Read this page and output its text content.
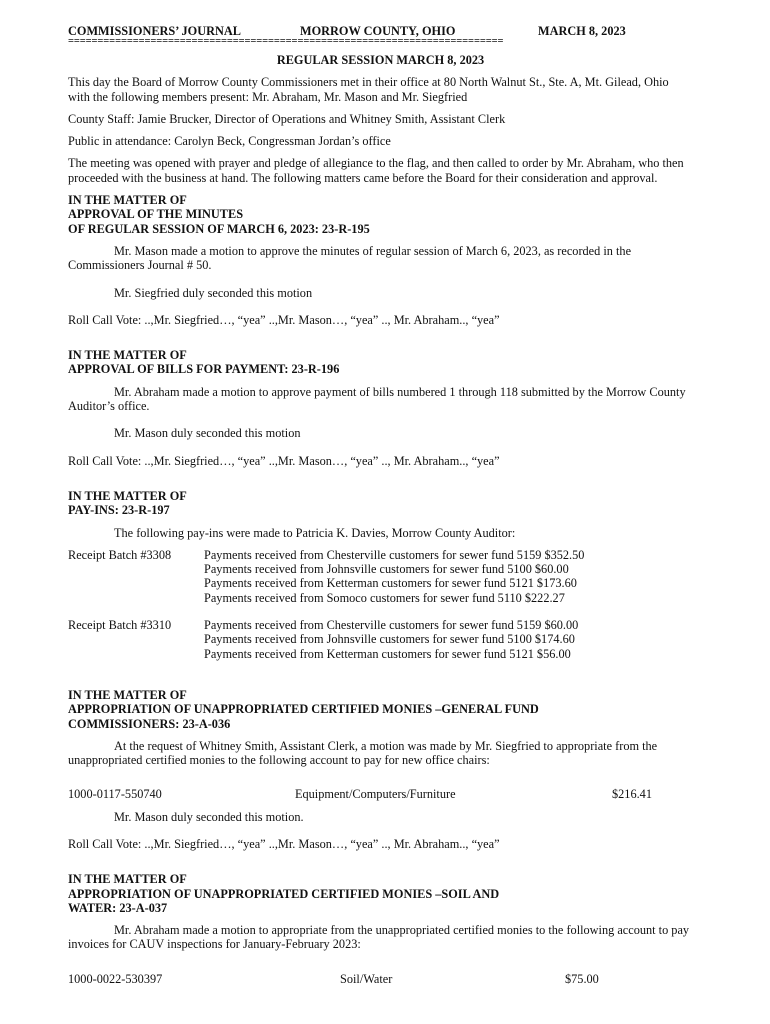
COMMISSIONERS’ JOURNAL	MORROW COUNTY, OHIO	MARCH 8, 2023
==========================================================================
REGULAR SESSION MARCH 8, 2023

This day the Board of Morrow County Commissioners met in their office at 80 North Walnut St., Ste. A, Mt. Gilead, Ohio with the following members present: Mr. Abraham, Mr. Mason and Mr. Siegfried

County Staff: Jamie Brucker, Director of Operations and Whitney Smith, Assistant Clerk

Public in attendance: Carolyn Beck, Congressman Jordan’s office

The meeting was opened with prayer and pledge of allegiance to the flag, and then called to order by Mr. Abraham, who then proceeded with the business at hand. The following matters came before the Board for their consideration and approval.

IN THE MATTER OF
APPROVAL OF THE MINUTES
OF REGULAR SESSION OF MARCH 6, 2023: 23-R-195

Mr. Mason made a motion to approve the minutes of regular session of March 6, 2023, as recorded in the Commissioners Journal # 50.

Mr. Siegfried duly seconded this motion

Roll Call Vote: ..,Mr. Siegfried…, “yea” ..,Mr. Mason…, “yea” .., Mr. Abraham.., “yea”

IN THE MATTER OF
APPROVAL OF BILLS FOR PAYMENT: 23-R-196

Mr. Abraham made a motion to approve payment of bills numbered 1 through 118 submitted by the Morrow County Auditor’s office.

Mr. Mason duly seconded this motion

Roll Call Vote: ..,Mr. Siegfried…, “yea” ..,Mr. Mason…, “yea” .., Mr. Abraham.., “yea”

IN THE MATTER OF
PAY-INS: 23-R-197

The following pay-ins were made to Patricia K. Davies, Morrow County Auditor:

Receipt Batch #3308	Payments received from Chesterville customers for sewer fund 5159 $352.50
Payments received from Johnsville customers for sewer fund 5100 $60.00
Payments received from Ketterman customers for sewer fund 5121 $173.60
Payments received from Somoco customers for sewer fund 5110 $222.27
Receipt Batch #3310	Payments received from Chesterville customers for sewer fund 5159 $60.00
Payments received from Johnsville customers for sewer fund 5100 $174.60
Payments received from Ketterman customers for sewer fund 5121 $56.00
IN THE MATTER OF
APPROPRIATION OF UNAPPROPRIATED CERTIFIED MONIES –GENERAL FUND
COMMISSIONERS: 23-A-036

At the request of Whitney Smith, Assistant Clerk, a motion was made by Mr. Siegfried to appropriate from the unappropriated certified monies to the following account to pay for new office chairs:

1000-0117-550740	Equipment/Computers/Furniture	$216.41

Mr. Mason duly seconded this motion.

Roll Call Vote: ..,Mr. Siegfried…, “yea” ..,Mr. Mason…, “yea” .., Mr. Abraham.., “yea”

IN THE MATTER OF
APPROPRIATION OF UNAPPROPRIATED CERTIFIED MONIES –SOIL AND
WATER: 23-A-037

Mr. Abraham made a motion to appropriate from the unappropriated certified monies to the following account to pay invoices for CAUV inspections for January-February 2023:

1000-0022-530397	Soil/Water	$75.00
